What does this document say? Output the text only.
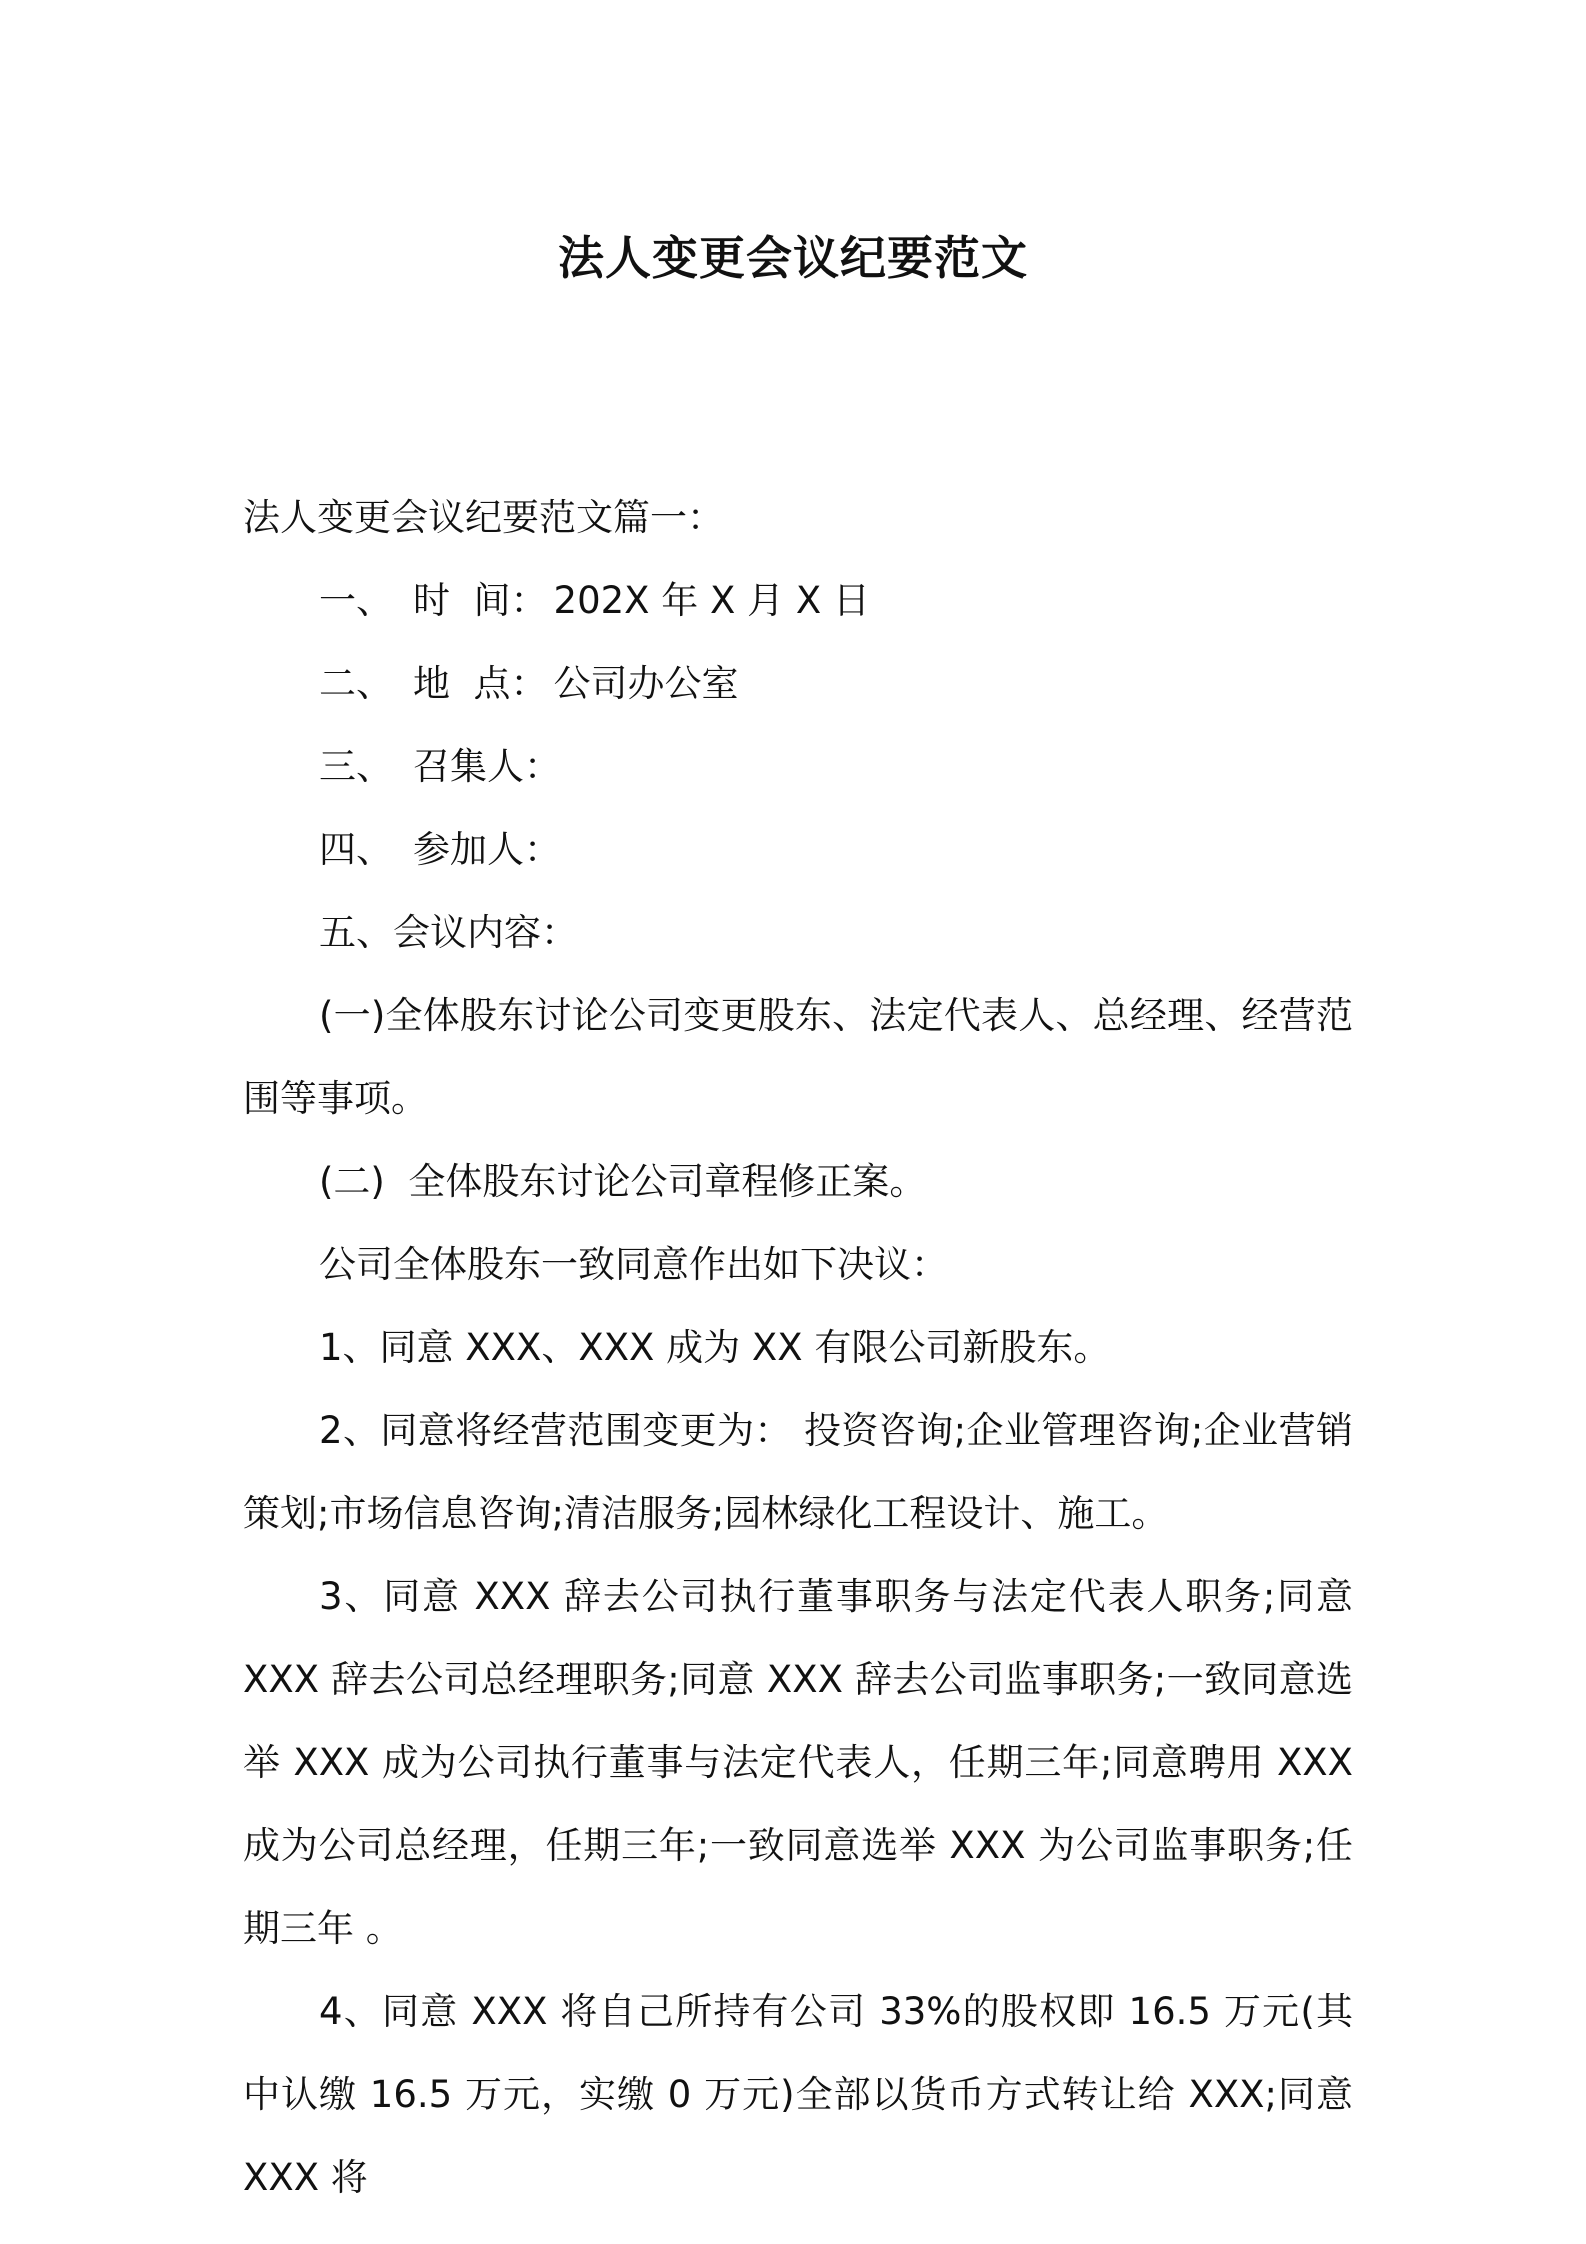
法人变更会议纪要范文

法人变更会议纪要范文篇一：

一、 时  间： 202X 年 X 月 X 日
二、 地  点： 公司办公室
三、 召集人：
四、 参加人：

五、会议内容：

(一)全体股东讨论公司变更股东、法定代表人、总经理、经营范围等事项。

(二)  全体股东讨论公司章程修正案。

公司全体股东一致同意作出如下决议：

1、同意 XXX、XXX 成为 XX 有限公司新股东。

2、同意将经营范围变更为： 投资咨询;企业管理咨询;企业营销策划;市场信息咨询;清洁服务;园林绿化工程设计、施工。

3、同意 XXX 辞去公司执行董事职务与法定代表人职务;同意 XXX 辞去公司总经理职务;同意 XXX 辞去公司监事职务;一致同意选举 XXX 成为公司执行董事与法定代表人，任期三年;同意聘用 XXX 成为公司总经理，任期三年;一致同意选举 XXX 为公司监事职务;任期三年 。

4、同意 XXX 将自己所持有公司 33%的股权即 16.5 万元(其中认缴 16.5 万元，实缴 0 万元)全部以货币方式转让给 XXX;同意 XXX 将
